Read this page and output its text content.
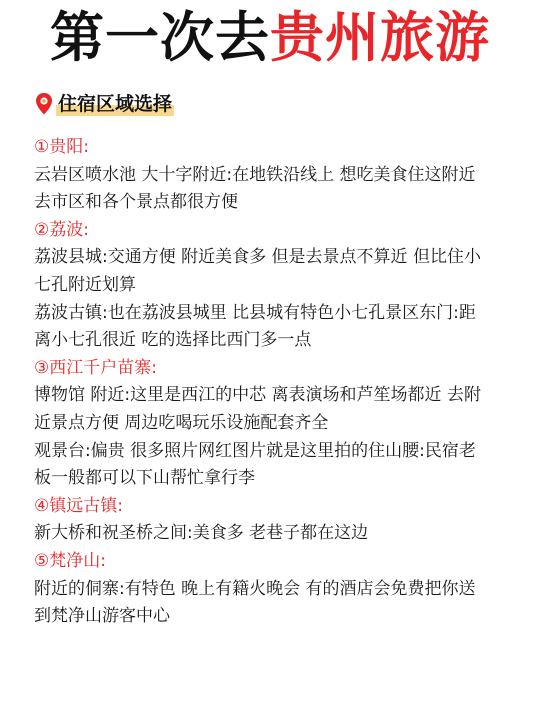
第一次去贵州旅游
住宿区域选择
①贵阳:
云岩区喷水池 大十字附近:在地铁沿线上 想吃美食住这附近
去市区和各个景点都很方便
②荔波:
荔波县城:交通方便 附近美食多 但是去景点不算近 但比住小
七孔附近划算
荔波古镇:也在荔波县城里 比县城有特色小七孔景区东门:距
离小七孔很近 吃的选择比西门多一点
③西江千户苗寨:
博物馆 附近:这里是西江的中芯 离表演场和芦笙场都近 去附
近景点方便 周边吃喝玩乐设施配套齐全
观景台:偏贵 很多照片网红图片就是这里拍的住山腰:民宿老
板一般都可以下山帮忙拿行李
④镇远古镇:
新大桥和祝圣桥之间:美食多 老巷子都在这边
⑤梵净山:
附近的侗寨:有特色 晚上有籍火晚会 有的酒店会免费把你送
到梵净山游客中心
